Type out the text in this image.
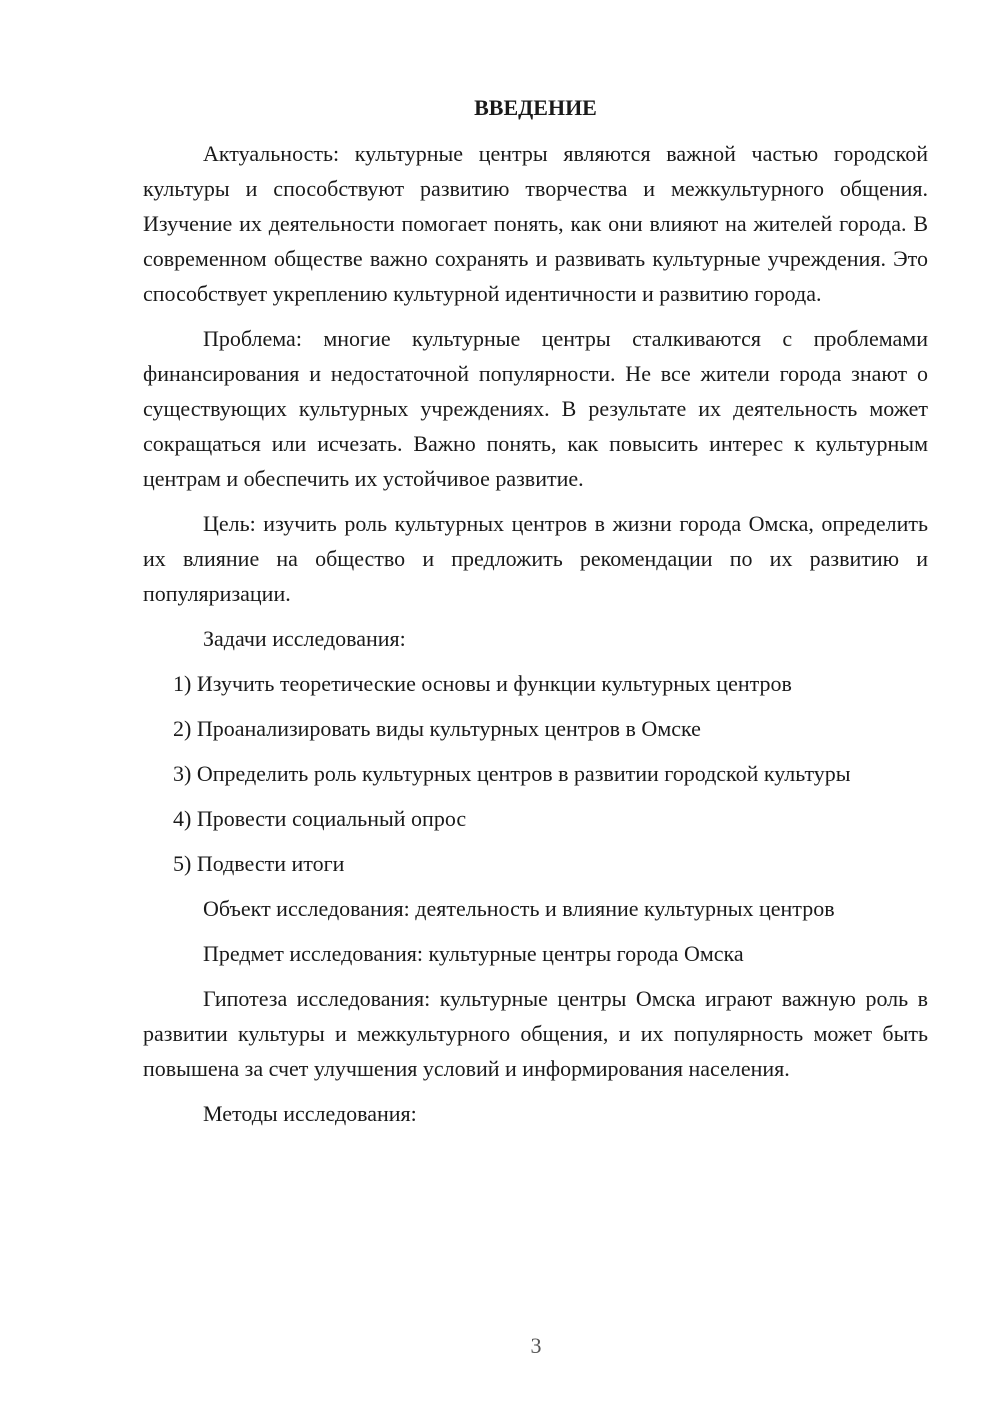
ВВЕДЕНИЕ

Актуальность: культурные центры являются важной частью городской культуры и способствуют развитию творчества и межкультурного общения. Изучение их деятельности помогает понять, как они влияют на жителей города. В современном обществе важно сохранять и развивать культурные учреждения. Это способствует укреплению культурной идентичности и развитию города.

Проблема: многие культурные центры сталкиваются с проблемами финансирования и недостаточной популярности. Не все жители города знают о существующих культурных учреждениях. В результате их деятельность может сокращаться или исчезать. Важно понять, как повысить интерес к культурным центрам и обеспечить их устойчивое развитие.

Цель: изучить роль культурных центров в жизни города Омска, определить их влияние на общество и предложить рекомендации по их развитию и популяризации.

Задачи исследования:

1) Изучить теоретические основы и функции культурных центров

2) Проанализировать виды культурных центров в Омске

3) Определить роль культурных центров в развитии городской культуры

4) Провести социальный опрос

5) Подвести итоги

Объект исследования: деятельность и влияние культурных центров

Предмет исследования: культурные центры города Омска

Гипотеза исследования: культурные центры Омска играют важную роль в развитии культуры и межкультурного общения, и их популярность может быть повышена за счет улучшения условий и информирования населения.

Методы исследования:

3
